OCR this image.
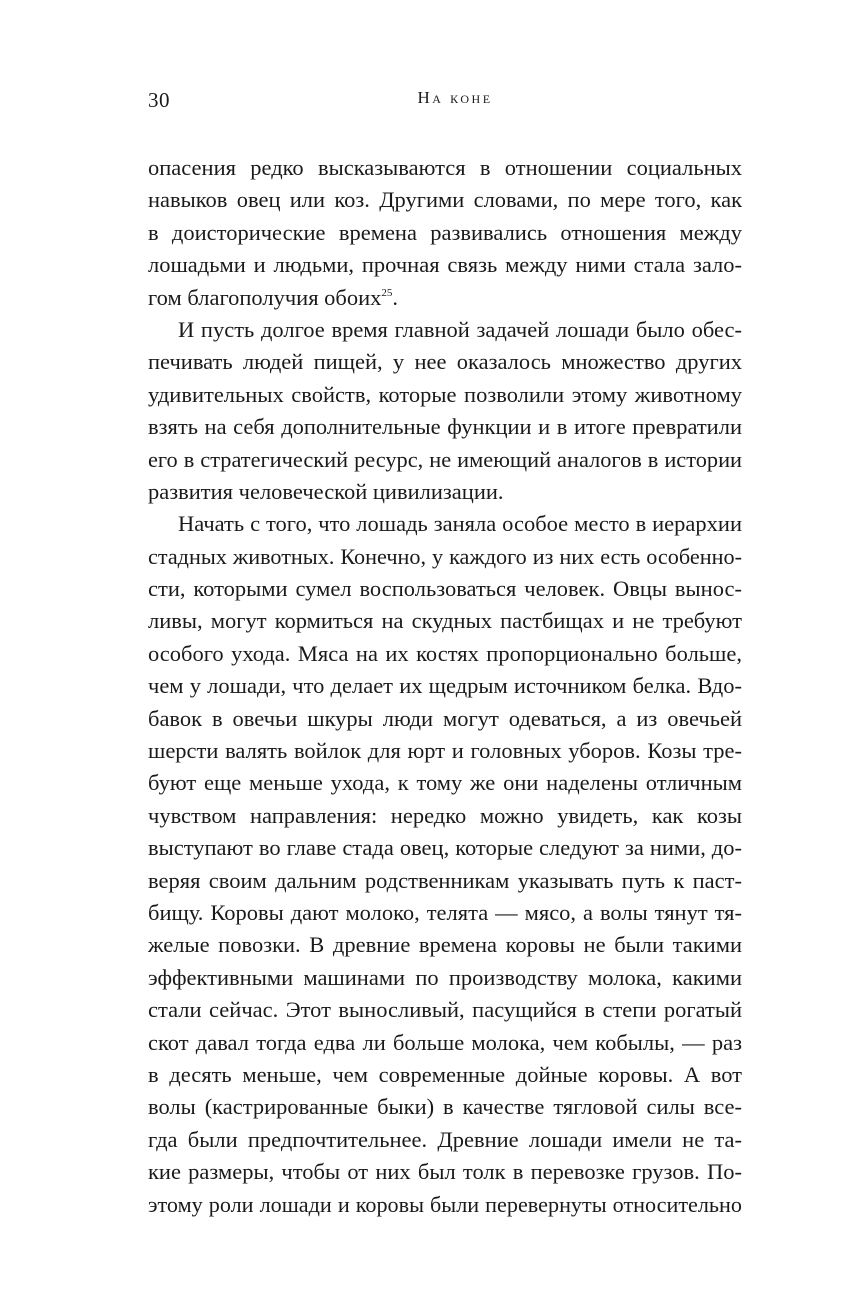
30	На коне
опасения редко высказываются в отношении социальных
навыков овец или коз. Другими словами, по мере того, как
в доисторические времена развивались отношения между
лошадьми и людьми, прочная связь между ними стала зало-
гом благополучия обоих$^{25}$.
И пусть долгое время главной задачей лошади было обес-
печивать людей пищей, у нее оказалось множество других
удивительных свойств, которые позволили этому животному
взять на себя дополнительные функции и в итоге превратили
его в стратегический ресурс, не имеющий аналогов в истории
развития человеческой цивилизации.
Начать с того, что лошадь заняла особое место в иерархии
стадных животных. Конечно, у каждого из них есть особенно-
сти, которыми сумел воспользоваться человек. Овцы вынос-
ливы, могут кормиться на скудных пастбищах и не требуют
особого ухода. Мяса на их костях пропорционально больше,
чем у лошади, что делает их щедрым источником белка. Вдо-
бавок в овечьи шкуры люди могут одеваться, а из овечьей
шерсти валять войлок для юрт и головных уборов. Козы тре-
буют еще меньше ухода, к тому же они наделены отличным
чувством направления: нередко можно увидеть, как козы
выступают во главе стада овец, которые следуют за ними, до-
веряя своим дальним родственникам указывать путь к паст-
бищу. Коровы дают молоко, телята — мясо, а волы тянут тя-
желые повозки. В древние времена коровы не были такими
эффективными машинами по производству молока, какими
стали сейчас. Этот выносливый, пасущийся в степи рогатый
скот давал тогда едва ли больше молока, чем кобылы, — раз
в десять меньше, чем современные дойные коровы. А вот
волы (кастрированные быки) в качестве тягловой силы все-
гда были предпочтительнее. Древние лошади имели не та-
кие размеры, чтобы от них был толк в перевозке грузов. По-
этому роли лошади и коровы были перевернуты относительно
